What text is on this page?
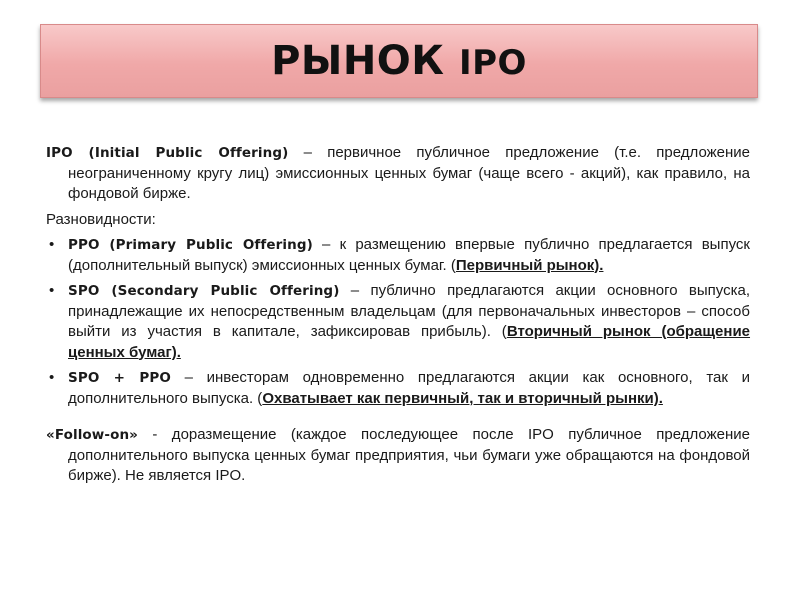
РЫНОК IPO

IPO (Initial Public Offering) – первичное публичное предложение (т.е. предложение неограниченному кругу лиц) эмиссионных ценных бумаг (чаще всего - акций), как правило, на фондовой бирже.

Разновидности:

• PPO (Primary Public Offering) – к размещению впервые публично предлагается выпуск (дополнительный выпуск) эмиссионных ценных бумаг. (Первичный рынок).
• SPO (Secondary Public Offering) – публично предлагаются акции основного выпуска, принадлежащие их непосредственным владельцам (для первоначальных инвесторов – способ выйти из участия в капитале, зафиксировав прибыль). (Вторичный рынок (обращение ценных бумаг).
• SPO + PPO – инвесторам одновременно предлагаются акции как основного, так и дополнительного выпуска. (Охватывает как первичный, так и вторичный рынки).

«Follow-on» - доразмещение (каждое последующее после IPO публичное предложение дополнительного выпуска ценных бумаг предприятия, чьи бумаги уже обращаются на фондовой бирже). Не является IPO.
